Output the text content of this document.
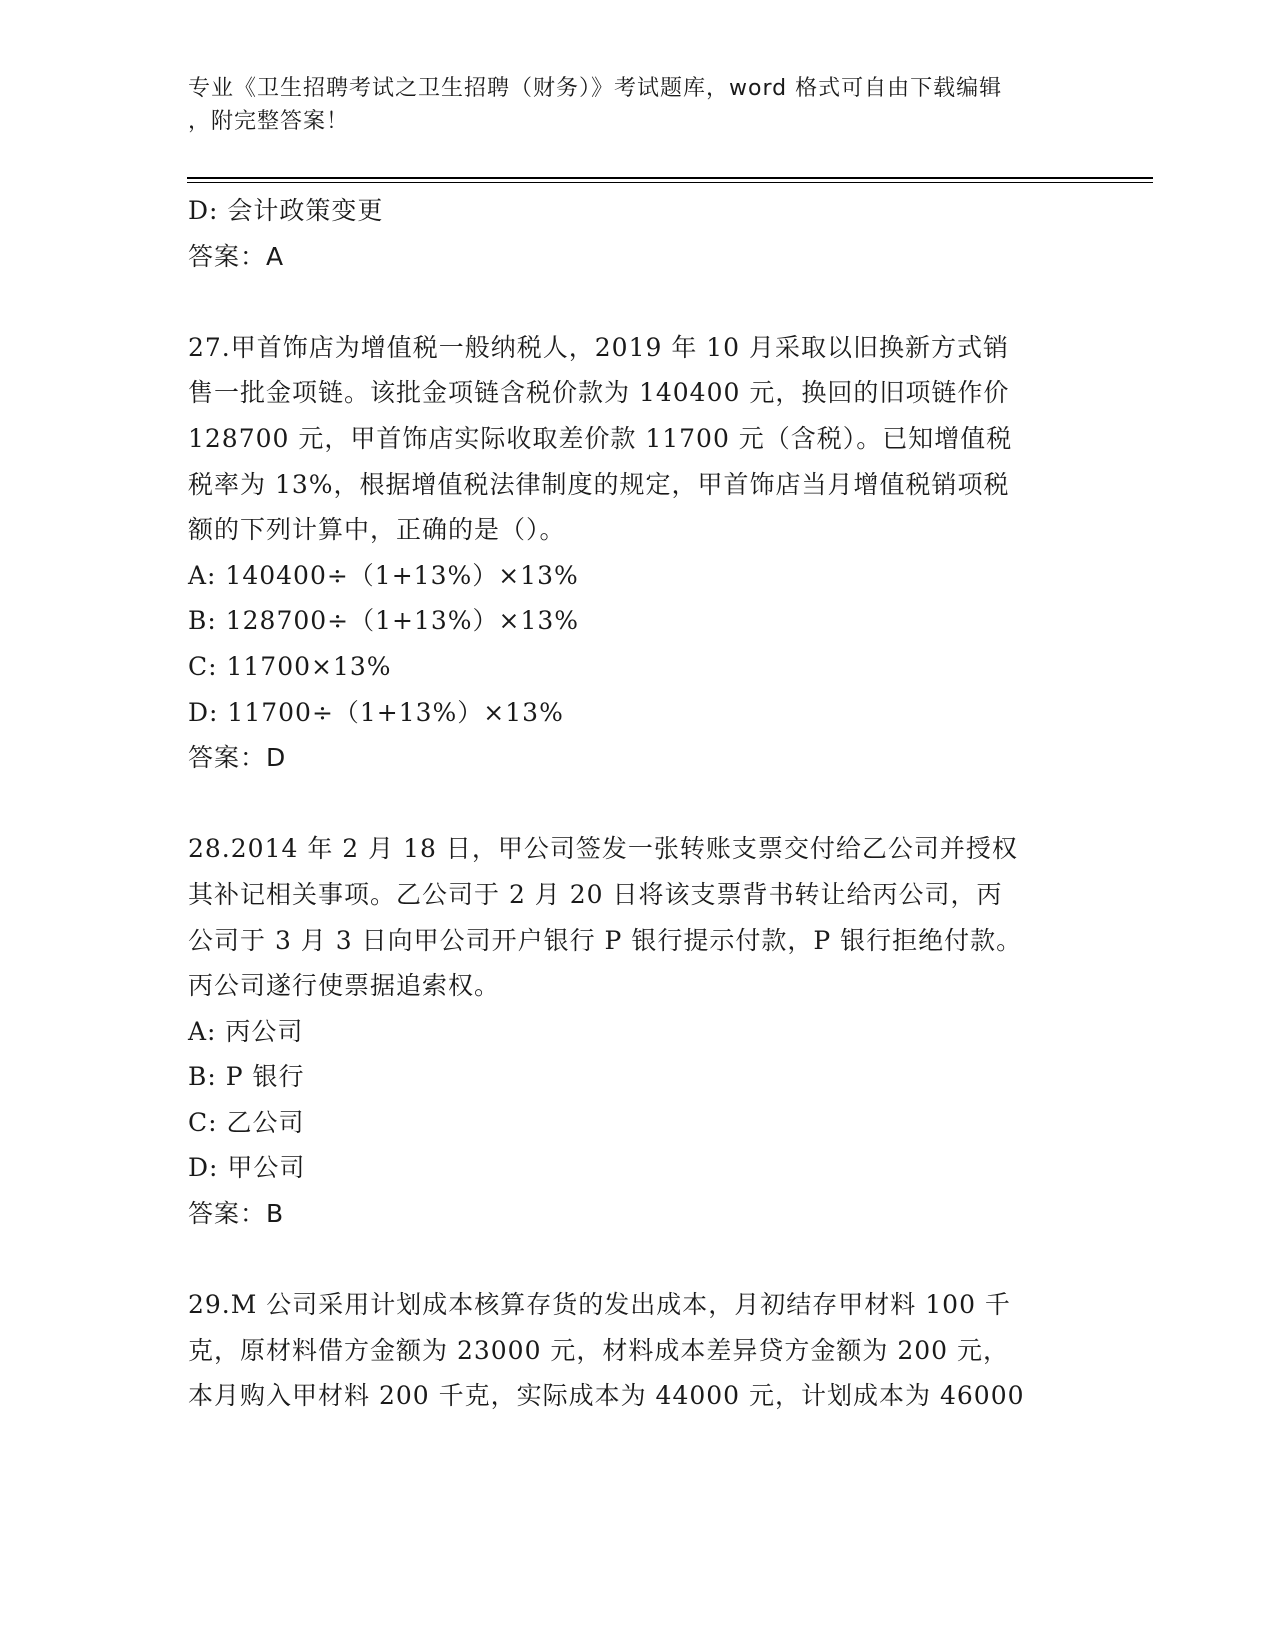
专业《卫生招聘考试之卫生招聘（财务）》考试题库，word 格式可自由下载编辑
，附完整答案！
D: 会计政策变更
答案：A
27.甲首饰店为增值税一般纳税人，2019 年 10 月采取以旧换新方式销
售一批金项链。该批金项链含税价款为 140400 元，换回的旧项链作价
128700 元，甲首饰店实际收取差价款 11700 元（含税）。已知增值税
税率为 13%，根据增值税法律制度的规定，甲首饰店当月增值税销项税
额的下列计算中，正确的是（）。
A: 140400÷（1+13%）×13%
B: 128700÷（1+13%）×13%
C: 11700×13%
D: 11700÷（1+13%）×13%
答案：D
28.2014 年 2 月 18 日，甲公司签发一张转账支票交付给乙公司并授权
其补记相关事项。乙公司于 2 月 20 日将该支票背书转让给丙公司，丙
公司于 3 月 3 日向甲公司开户银行 P 银行提示付款，P 银行拒绝付款。
丙公司遂行使票据追索权。
A: 丙公司
B: P 银行
C: 乙公司
D: 甲公司
答案：B
29.M 公司采用计划成本核算存货的发出成本，月初结存甲材料 100 千
克，原材料借方金额为 23000 元，材料成本差异贷方金额为 200 元，
本月购入甲材料 200 千克，实际成本为 44000 元，计划成本为 46000
